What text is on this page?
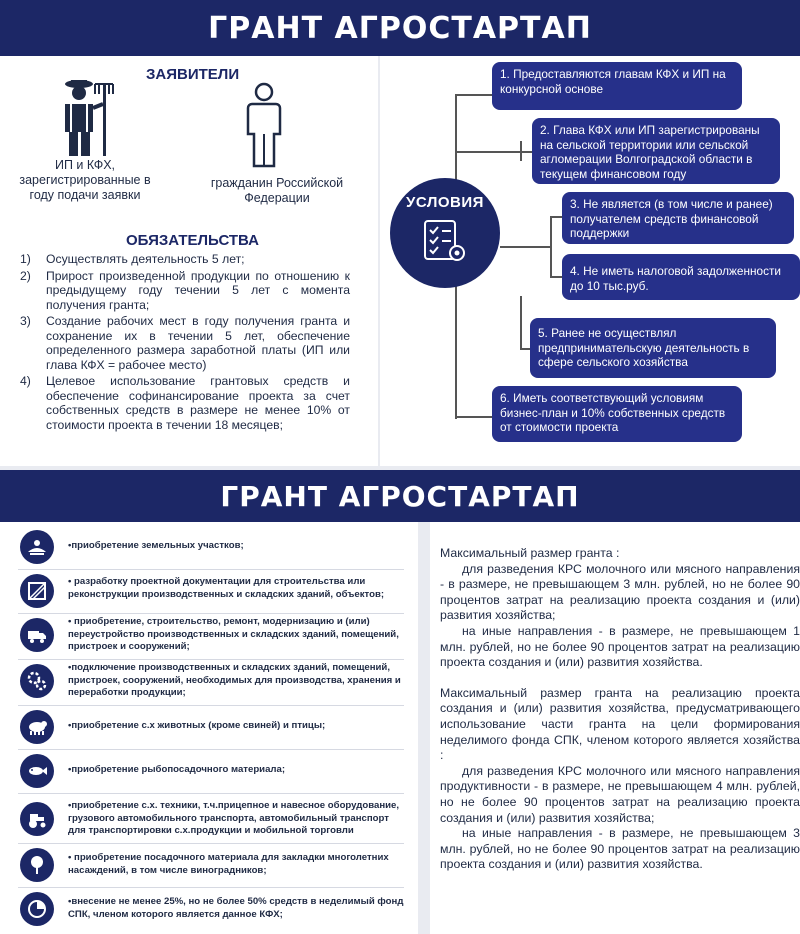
ГРАНТ АГРОСТАРТАП
ЗАЯВИТЕЛИ
ИП и КФХ, зарегистрированные в году подачи заявки
гражданин Российской Федерации
ОБЯЗАТЕЛЬСТВА
1) Осуществлять деятельность 5 лет;
2) Прирост произведенной продукции по отношению к предыдущему году течении 5 лет с момента получения гранта;
3) Создание рабочих мест в году получения гранта и сохранение их в течении 5 лет, обеспечение определенного размера заработной платы (ИП или глава КФХ = рабочее место)
4) Целевое использование грантовых средств и обеспечение софинансирование проекта за счет собственных средств в размере не менее 10% от стоимости проекта в течении 18 месяцев;
УСЛОВИЯ
1. Предоставляются главам КФХ и ИП на конкурсной основе
2. Глава КФХ или ИП зарегистрированы на сельской территории или сельской агломерации Волгоградской области в текущем финансовом году
3. Не является (в том числе и ранее) получателем средств финансовой поддержки
4. Не иметь налоговой задолженности до 10 тыс.руб.
5. Ранее не осуществлял предпринимательскую деятельность в сфере сельского хозяйства
6. Иметь соответствующий условиям бизнес-план и 10% собственных средств от стоимости проекта
ГРАНТ АГРОСТАРТАП
•приобретение земельных участков;
• разработку проектной документации для строительства или реконструкции производственных и складских зданий, объектов;
• приобретение, строительство, ремонт, модернизацию и (или) переустройство производственных и складских зданий, помещений, пристроек и сооружений;
•подключение производственных и складских зданий, помещений, пристроек, сооружений, необходимых для производства, хранения и переработки продукции;
•приобретение с.х животных (кроме свиней) и птицы;
•приобретение рыбопосадочного материала;
•приобретение с.х. техники, т.ч.прицепное и навесное оборудование, грузового автомобильного транспорта, автомобильный транспорт для транспортировки с.х.продукции и мобильной торговли
• приобретение посадочного материала для закладки многолетних насаждений, в том числе виноградников;
•внесение не менее 25%, но не более 50% средств в неделимый фонд СПК, членом которого является данное КФХ;

Максимальный размер гранта :

для разведения КРС молочного или мясного направления - в размере, не превышающем 3 млн. рублей, но не более 90 процентов затрат на реализацию проекта создания и (или) развития хозяйства;

на иные направления - в размере, не превышающем 1 млн. рублей, но не более 90 процентов затрат на реализацию проекта создания и (или) развития хозяйства.

Максимальный размер гранта на реализацию проекта создания и (или) развития хозяйства, предусматривающего использование части гранта на цели формирования неделимого фонда СПК, членом которого является хозяйства :

для разведения КРС молочного или мясного направления продуктивности - в размере, не превышающем 4 млн. рублей, но не более 90 процентов затрат на реализацию проекта создания и (или) развития хозяйства;

на иные направления - в размере, не превышающем 3 млн. рублей, но не более 90 процентов затрат на реализацию проекта создания и (или) развития хозяйства.
